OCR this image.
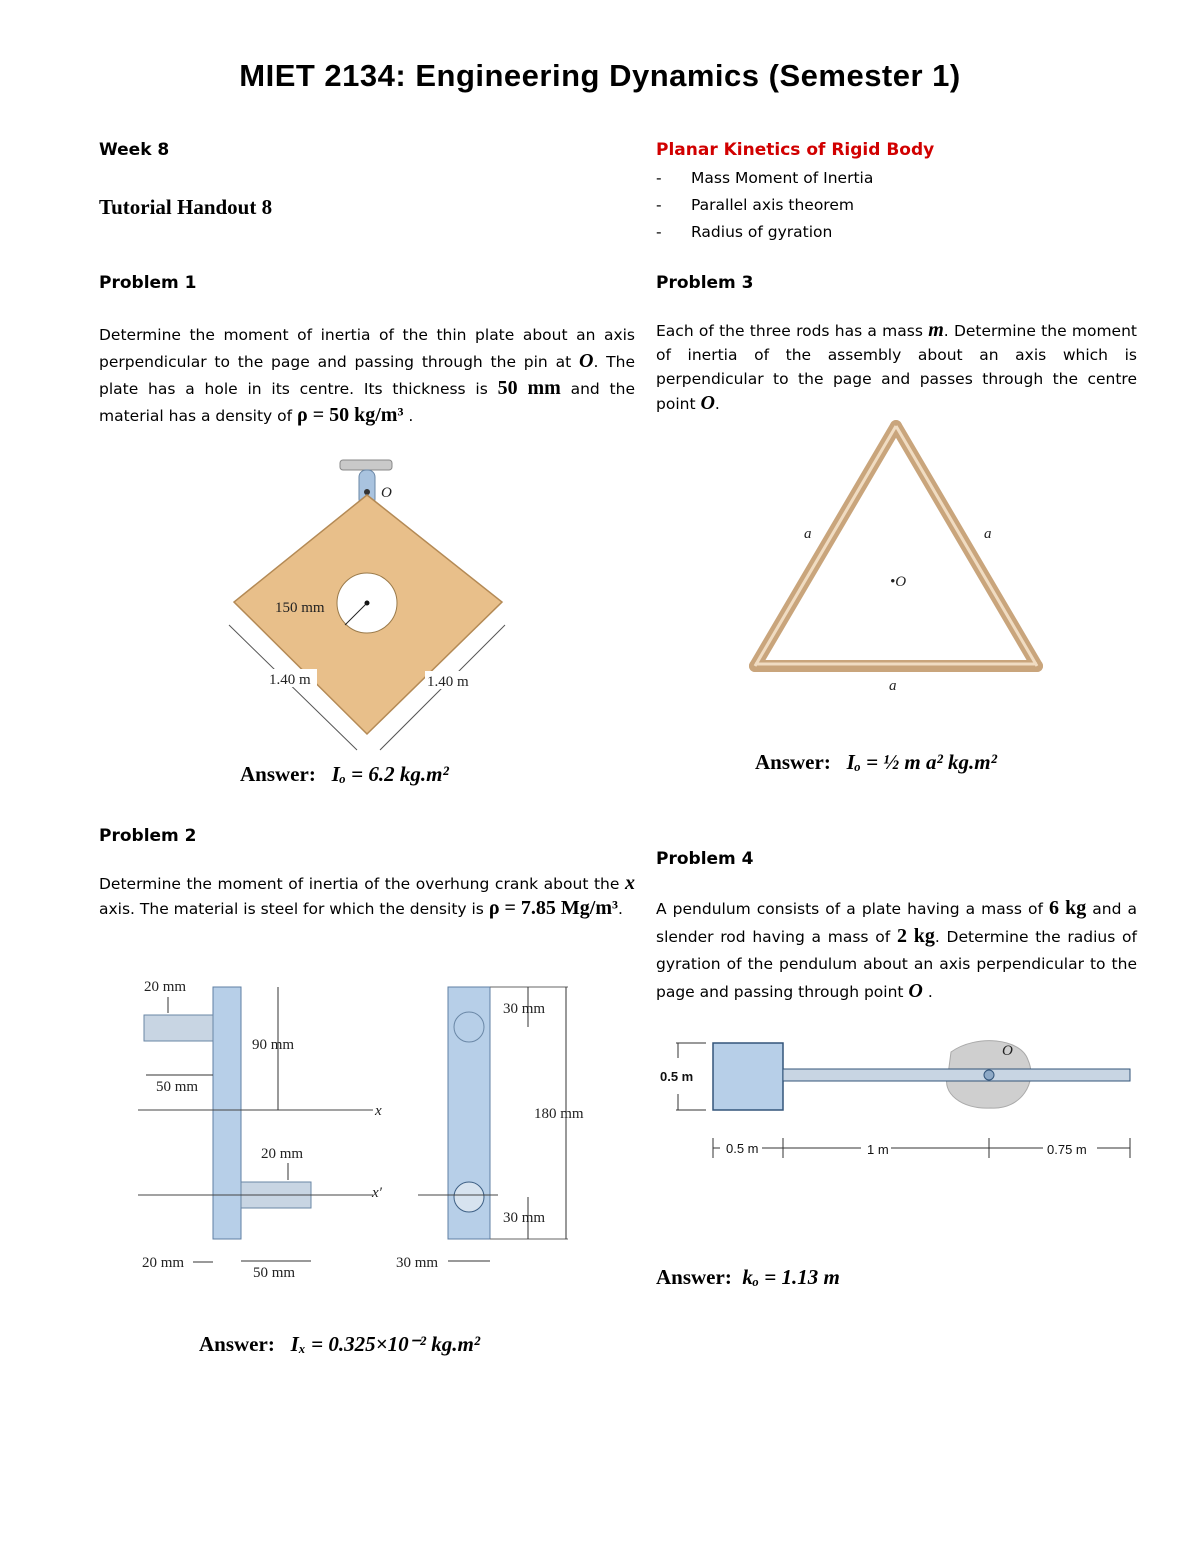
MIET 2134: Engineering Dynamics (Semester 1)
Week 8
Tutorial Handout 8
Planar Kinetics of Rigid Body
- Mass Moment of Inertia
- Parallel axis theorem
- Radius of gyration
Problem 1
Determine the moment of inertia of the thin plate about an axis perpendicular to the page and passing through the pin at O. The plate has a hole in its centre. Its thickness is 50 mm and the material has a density of ρ = 50 kg/m³ .
O
150 mm
1.40 m	1.40 m
Answer: Iₒ = 6.2 kg.m²
Problem 2
Determine the moment of inertia of the overhung crank about the x axis. The material is steel for which the density is ρ = 7.85 Mg/m³.
x
x′
20 mm
50 mm
90 mm
20 mm
20 mm
50 mm
180 mm
30 mm
30 mm
30 mm
Answer: Iₓ = 0.325×10⁻² kg.m²
Problem 3
Each of the three rods has a mass m. Determine the moment of inertia of the assembly about an axis which is perpendicular to the page and passes through the centre point O.
a	a
a
•O
Answer: Iₒ = ½ m a² kg.m²
Problem 4
A pendulum consists of a plate having a mass of 6 kg and a slender rod having a mass of 2 kg. Determine the radius of gyration of the pendulum about an axis perpendicular to the page and passing through point O .
O
0.5 m
0.5 m	1 m	0.75 m
Answer: kₒ = 1.13 m
